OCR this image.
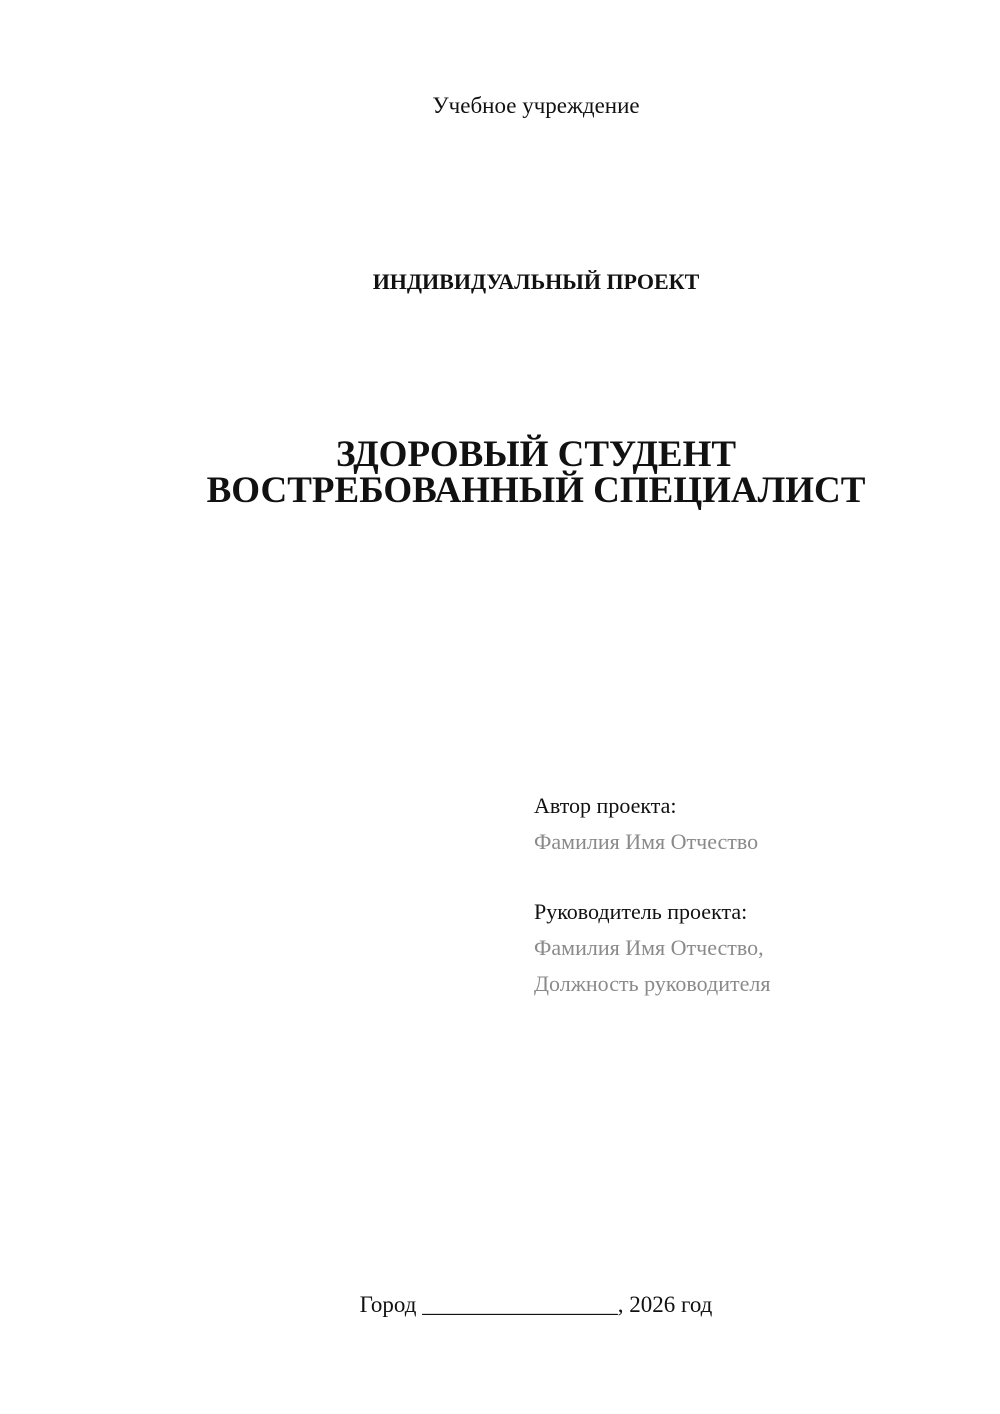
Учебное учреждение
ИНДИВИДУАЛЬНЫЙ ПРОЕКТ
ЗДОРОВЫЙ СТУДЕНТ
ВОСТРЕБОВАННЫЙ СПЕЦИАЛИСТ
Автор проекта:
Фамилия Имя Отчество
Руководитель проекта:
Фамилия Имя Отчество,
Должность руководителя
Город _________________, 2026 год
